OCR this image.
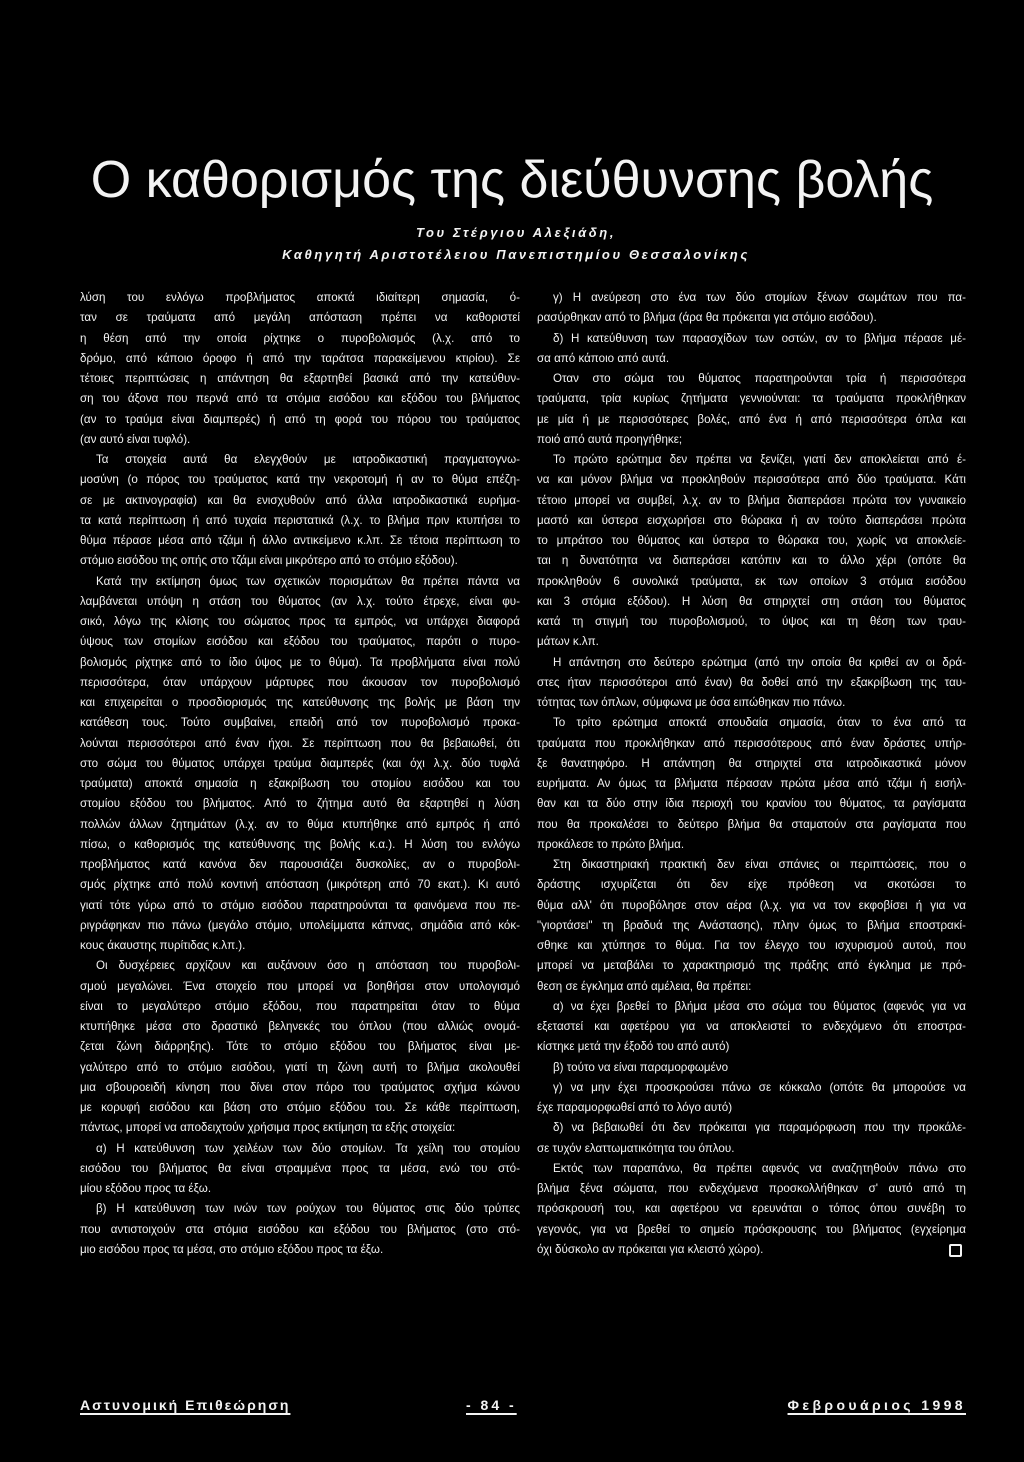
Ο καθορισμός της διεύθυνσης βολής
Του Στέργιου Αλεξιάδη,
Καθηγητή Αριστοτέλειου Πανεπιστημίου Θεσσαλονίκης
λύση του ενλόγω προβλήματος αποκτά ιδιαίτερη σημασία, ό-
ταν σε τραύματα από μεγάλη απόσταση πρέπει να καθοριστεί
η θέση από την οποία ρίχτηκε ο πυροβολισμός (λ.χ. από το
δρόμο, από κάποιο όροφο ή από την ταράτσα παρακείμενου κτιρίου). Σε
τέτοιες περιπτώσεις η απάντηση θα εξαρτηθεί βασικά από την κατεύθυν-
ση του άξονα που περνά από τα στόμια εισόδου και εξόδου του βλήματος
(αν το τραύμα είναι διαμπερές) ή από τη φορά του πόρου του τραύματος
(αν αυτό είναι τυφλό).
Τα στοιχεία αυτά θα ελεγχθούν με ιατροδικαστική πραγματογνω-
μοσύνη (ο πόρος του τραύματος κατά την νεκροτομή ή αν το θύμα επέζη-
σε με ακτινογραφία) και θα ενισχυθούν από άλλα ιατροδικαστικά ευρήμα-
τα κατά περίπτωση ή από τυχαία περιστατικά (λ.χ. το βλήμα πριν κτυπήσει το
θύμα πέρασε μέσα από τζάμι ή άλλο αντικείμενο κ.λπ. Σε τέτοια περίπτωση το
στόμιο εισόδου της οπής στο τζάμι είναι μικρότερο από το στόμιο εξόδου).
Κατά την εκτίμηση όμως των σχετικών πορισμάτων θα πρέπει πάντα να
λαμβάνεται υπόψη η στάση του θύματος (αν λ.χ. τούτο έτρεχε, είναι φυ-
σικό, λόγω της κλίσης του σώματος προς τα εμπρός, να υπάρχει διαφορά
ύψους των στομίων εισόδου και εξόδου του τραύματος, παρότι ο πυρο-
βολισμός ρίχτηκε από το ίδιο ύψος με το θύμα). Τα προβλήματα είναι πολύ
περισσότερα, όταν υπάρχουν μάρτυρες που άκουσαν τον πυροβολισμό
και επιχειρείται ο προσδιορισμός της κατεύθυνσης της βολής με βάση την
κατάθεση τους. Τούτο συμβαίνει, επειδή από τον πυροβολισμό προκα-
λούνται περισσότεροι από έναν ήχοι. Σε περίπτωση που θα βεβαιωθεί, ότι
στο σώμα του θύματος υπάρχει τραύμα διαμπερές (και όχι λ.χ. δύο τυφλά
τραύματα) αποκτά σημασία η εξακρίβωση του στομίου εισόδου και του
στομίου εξόδου του βλήματος. Από το ζήτημα αυτό θα εξαρτηθεί η λύση
πολλών άλλων ζητημάτων (λ.χ. αν το θύμα κτυπήθηκε από εμπρός ή από
πίσω, ο καθορισμός της κατεύθυνσης της βολής κ.α.). Η λύση του ενλόγω
προβλήματος κατά κανόνα δεν παρουσιάζει δυσκολίες, αν ο πυροβολι-
σμός ρίχτηκε από πολύ κοντινή απόσταση (μικρότερη από 70 εκατ.). Κι αυτό
γιατί τότε γύρω από το στόμιο εισόδου παρατηρούνται τα φαινόμενα που πε-
ριγράφηκαν πιο πάνω (μεγάλο στόμιο, υπολείμματα κάπνας, σημάδια από κόκ-
κους άκαυστης πυρίτιδας κ.λπ.).
Οι δυσχέρειες αρχίζουν και αυξάνουν όσο η απόσταση του πυροβολι-
σμού μεγαλώνει. Ένα στοιχείο που μπορεί να βοηθήσει στον υπολογισμό
είναι το μεγαλύτερο στόμιο εξόδου, που παρατηρείται όταν το θύμα
κτυπήθηκε μέσα στο δραστικό βεληνεκές του όπλου (που αλλιώς ονομά-
ζεται ζώνη διάρρηξης). Τότε το στόμιο εξόδου του βλήματος είναι με-
γαλύτερο από το στόμιο εισόδου, γιατί τη ζώνη αυτή το βλήμα ακολουθεί
μια σβουροειδή κίνηση που δίνει στον πόρο του τραύματος σχήμα κώνου
με κορυφή εισόδου και βάση στο στόμιο εξόδου του. Σε κάθε περίπτωση,
πάντως, μπορεί να αποδειχτούν χρήσιμα προς εκτίμηση τα εξής στοιχεία:
α) Η κατεύθυνση των χειλέων των δύο στομίων. Τα χείλη του στομίου
εισόδου του βλήματος θα είναι στραμμένα προς τα μέσα, ενώ του στό-
μίου εξόδου προς τα έξω.
β) Η κατεύθυνση των ινών των ρούχων του θύματος στις δύο τρύπες
που αντιστοιχούν στα στόμια εισόδου και εξόδου του βλήματος (στο στό-
μιο εισόδου προς τα μέσα, στο στόμιο εξόδου προς τα έξω.
γ) Η ανεύρεση στο ένα των δύο στομίων ξένων σωμάτων που πα-
ρασύρθηκαν από το βλήμα (άρα θα πρόκειται για στόμιο εισόδου).
δ) Η κατεύθυνση των παρασχίδων των οστών, αν το βλήμα πέρασε μέ-
σα από κάποιο από αυτά.
Οταν στο σώμα του θύματος παρατηρούνται τρία ή περισσότερα
τραύματα, τρία κυρίως ζητήματα γεννιούνται: τα τραύματα προκλήθηκαν
με μία ή με περισσότερες βολές, από ένα ή από περισσότερα όπλα και
ποιό από αυτά προηγήθηκε;
Το πρώτο ερώτημα δεν πρέπει να ξενίζει, γιατί δεν αποκλείεται από έ-
να και μόνον βλήμα να προκληθούν περισσότερα από δύο τραύματα. Κάτι
τέτοιο μπορεί να συμβεί, λ.χ. αν το βλήμα διαπεράσει πρώτα τον γυναικείο
μαστό και ύστερα εισχωρήσει στο θώρακα ή αν τούτο διαπεράσει πρώτα
το μπράτσο του θύματος και ύστερα το θώρακα του, χωρίς να αποκλείε-
ται η δυνατότητα να διαπεράσει κατόπιν και το άλλο χέρι (οπότε θα
προκληθούν 6 συνολικά τραύματα, εκ των οποίων 3 στόμια εισόδου
και 3 στόμια εξόδου). Η λύση θα στηριχτεί στη στάση του θύματος
κατά τη στιγμή του πυροβολισμού, το ύψος και τη θέση των τραυ-
μάτων κ.λπ.
Η απάντηση στο δεύτερο ερώτημα (από την οποία θα κριθεί αν οι δρά-
στες ήταν περισσότεροι από έναν) θα δοθεί από την εξακρίβωση της ταυ-
τότητας των όπλων, σύμφωνα με όσα ειπώθηκαν πιο πάνω.
Το τρίτο ερώτημα αποκτά σπουδαία σημασία, όταν το ένα από τα
τραύματα που προκλήθηκαν από περισσότερους από έναν δράστες υπήρ-
ξε θανατηφόρο. Η απάντηση θα στηριχτεί στα ιατροδικαστικά μόνον
ευρήματα. Αν όμως τα βλήματα πέρασαν πρώτα μέσα από τζάμι ή εισήλ-
θαν και τα δύο στην ίδια περιοχή του κρανίου του θύματος, τα ραγίσματα
που θα προκαλέσει το δεύτερο βλήμα θα σταματούν στα ραγίσματα που
προκάλεσε το πρώτο βλήμα.
Στη δικαστηριακή πρακτική δεν είναι σπάνιες οι περιπτώσεις, που ο
δράστης ισχυρίζεται ότι δεν είχε πρόθεση να σκοτώσει το
θύμα αλλ' ότι πυροβόλησε στον αέρα (λ.χ. για να τον εκφοβίσει ή για να
"γιορτάσει" τη βραδυά της Ανάστασης), πλην όμως το βλήμα εποστρακί-
σθηκε και χτύπησε το θύμα. Για τον έλεγχο του ισχυρισμού αυτού, που
μπορεί να μεταβάλει το χαρακτηρισμό της πράξης από έγκλημα με πρό-
θεση σε έγκλημα από αμέλεια, θα πρέπει:
α) να έχει βρεθεί το βλήμα μέσα στο σώμα του θύματος (αφενός για να
εξεταστεί και αφετέρου για να αποκλειστεί το ενδεχόμενο ότι εποστρα-
κίστηκε μετά την έξοδό του από αυτό)
β) τούτο να είναι παραμορφωμένο
γ) να μην έχει προσκρούσει πάνω σε κόκκαλο (οπότε θα μπορούσε να
έχε παραμορφωθεί από το λόγο αυτό)
δ) να βεβαιωθεί ότι δεν πρόκειται για παραμόρφωση που την προκάλε-
σε τυχόν ελαττωματικότητα του όπλου.
Εκτός των παραπάνω, θα πρέπει αφενός να αναζητηθούν πάνω στο
βλήμα ξένα σώματα, που ενδεχόμενα προσκολλήθηκαν σ' αυτό από τη
πρόσκρουσή του, και αφετέρου να ερευνάται ο τόπος όπου συνέβη το
γεγονός, για να βρεθεί το σημείο πρόσκρουσης του βλήματος (εγχείρημα
όχι δύσκολο αν πρόκειται για κλειστό χώρο).
Αστυνομική Επιθεώρηση	- 84 -	Φεβρουάριος 1998
